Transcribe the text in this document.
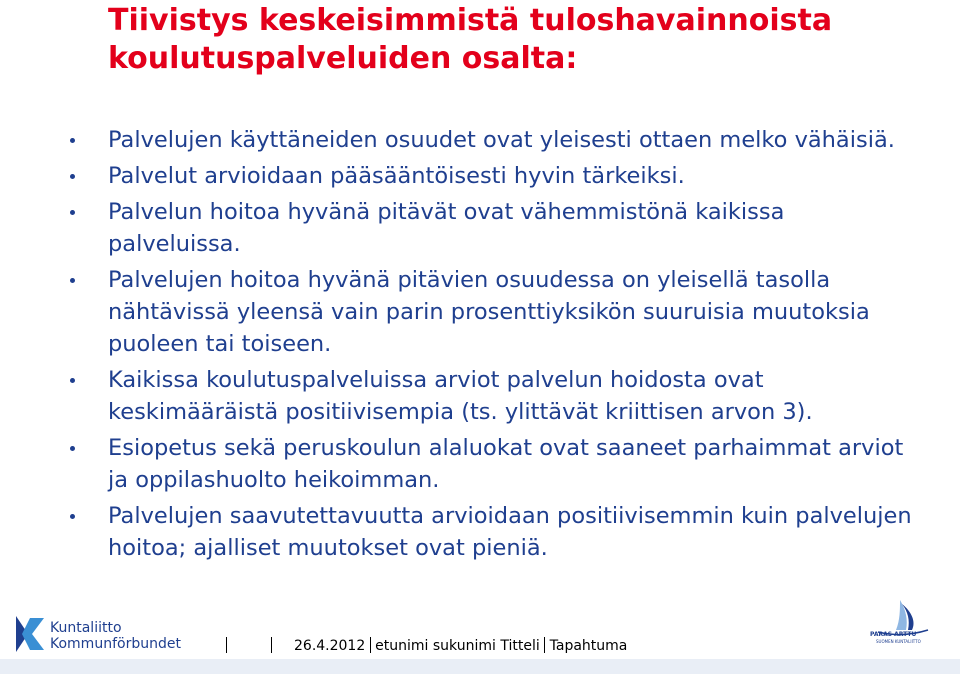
Tiivistys keskeisimmistä tuloshavainnoista koulutuspalveluiden osalta:
Palvelujen käyttäneiden osuudet ovat yleisesti ottaen melko vähäisiä.
Palvelut arvioidaan pääsääntöisesti hyvin tärkeiksi.
Palvelun hoitoa hyvänä pitävät ovat vähemmistönä kaikissa palveluissa.
Palvelujen hoitoa hyvänä pitävien osuudessa on yleisellä tasolla nähtävissä yleensä vain parin prosenttiyksikön suuruisia muutoksia puoleen tai toiseen.
Kaikissa koulutuspalveluissa arviot palvelun hoidosta ovat keskimääräistä positiivisempia (ts. ylittävät kriittisen arvon 3).
Esiopetus sekä peruskoulun alaluokat ovat saaneet parhaimmat arviot ja oppilashuolto heikoimman.
Palvelujen saavutettavuutta arvioidaan positiivisemmin kuin palvelujen hoitoa; ajalliset muutokset ovat pieniä.
Kuntaliitto
Kommunförbundet	26.4.2012 etunimi sukunimi Titteli Tapahtuma
PARAS ARTTU
SUOMEN KUNTALIITTO
